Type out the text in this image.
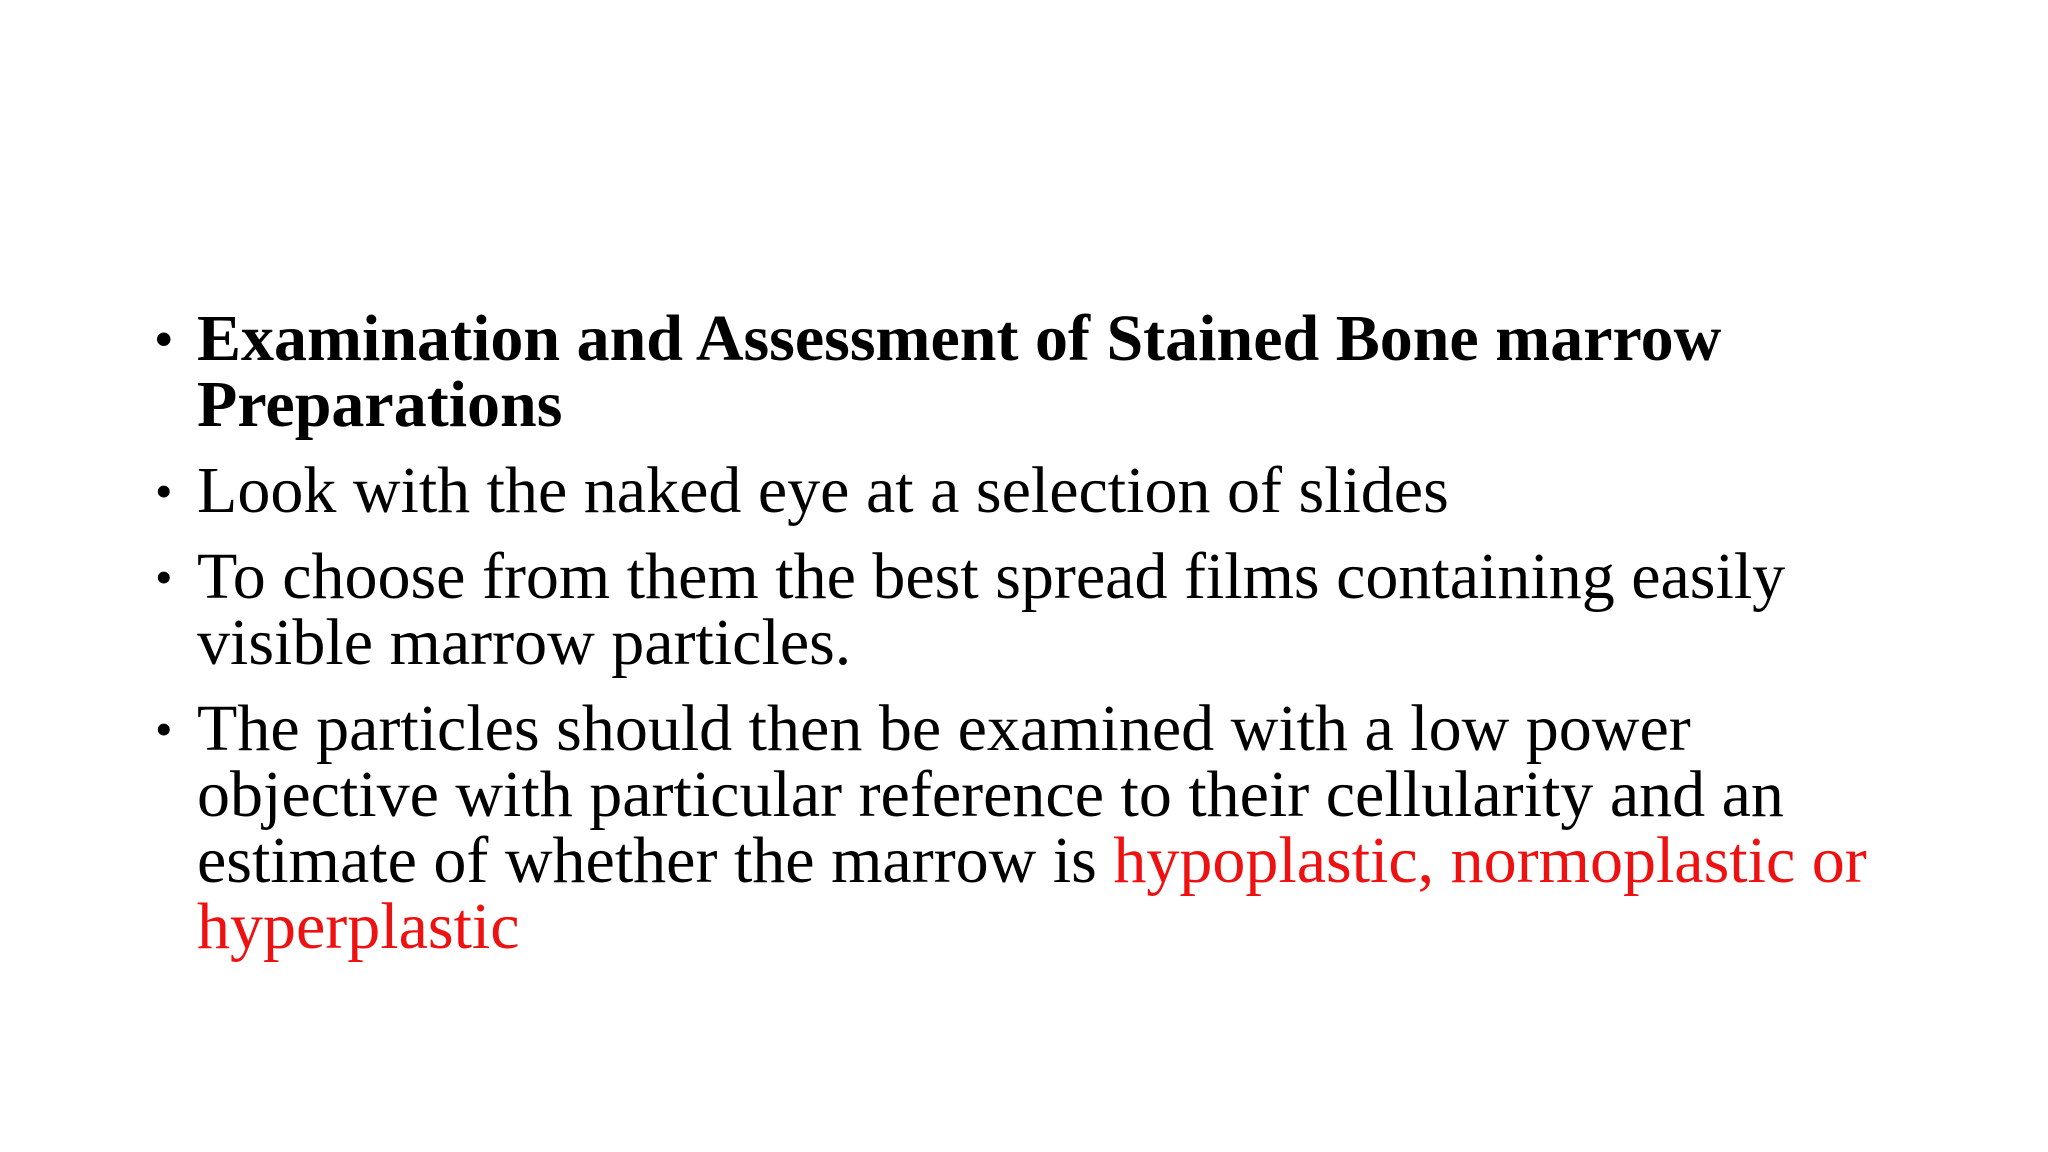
• Examination and Assessment of Stained Bone marrow Preparations
• Look with the naked eye at a selection of slides
• To choose from them the best spread films containing easily visible marrow particles.
• The particles should then be examined with a low power objective with particular reference to their cellularity and an estimate of whether the marrow is hypoplastic, normoplastic or hyperplastic
